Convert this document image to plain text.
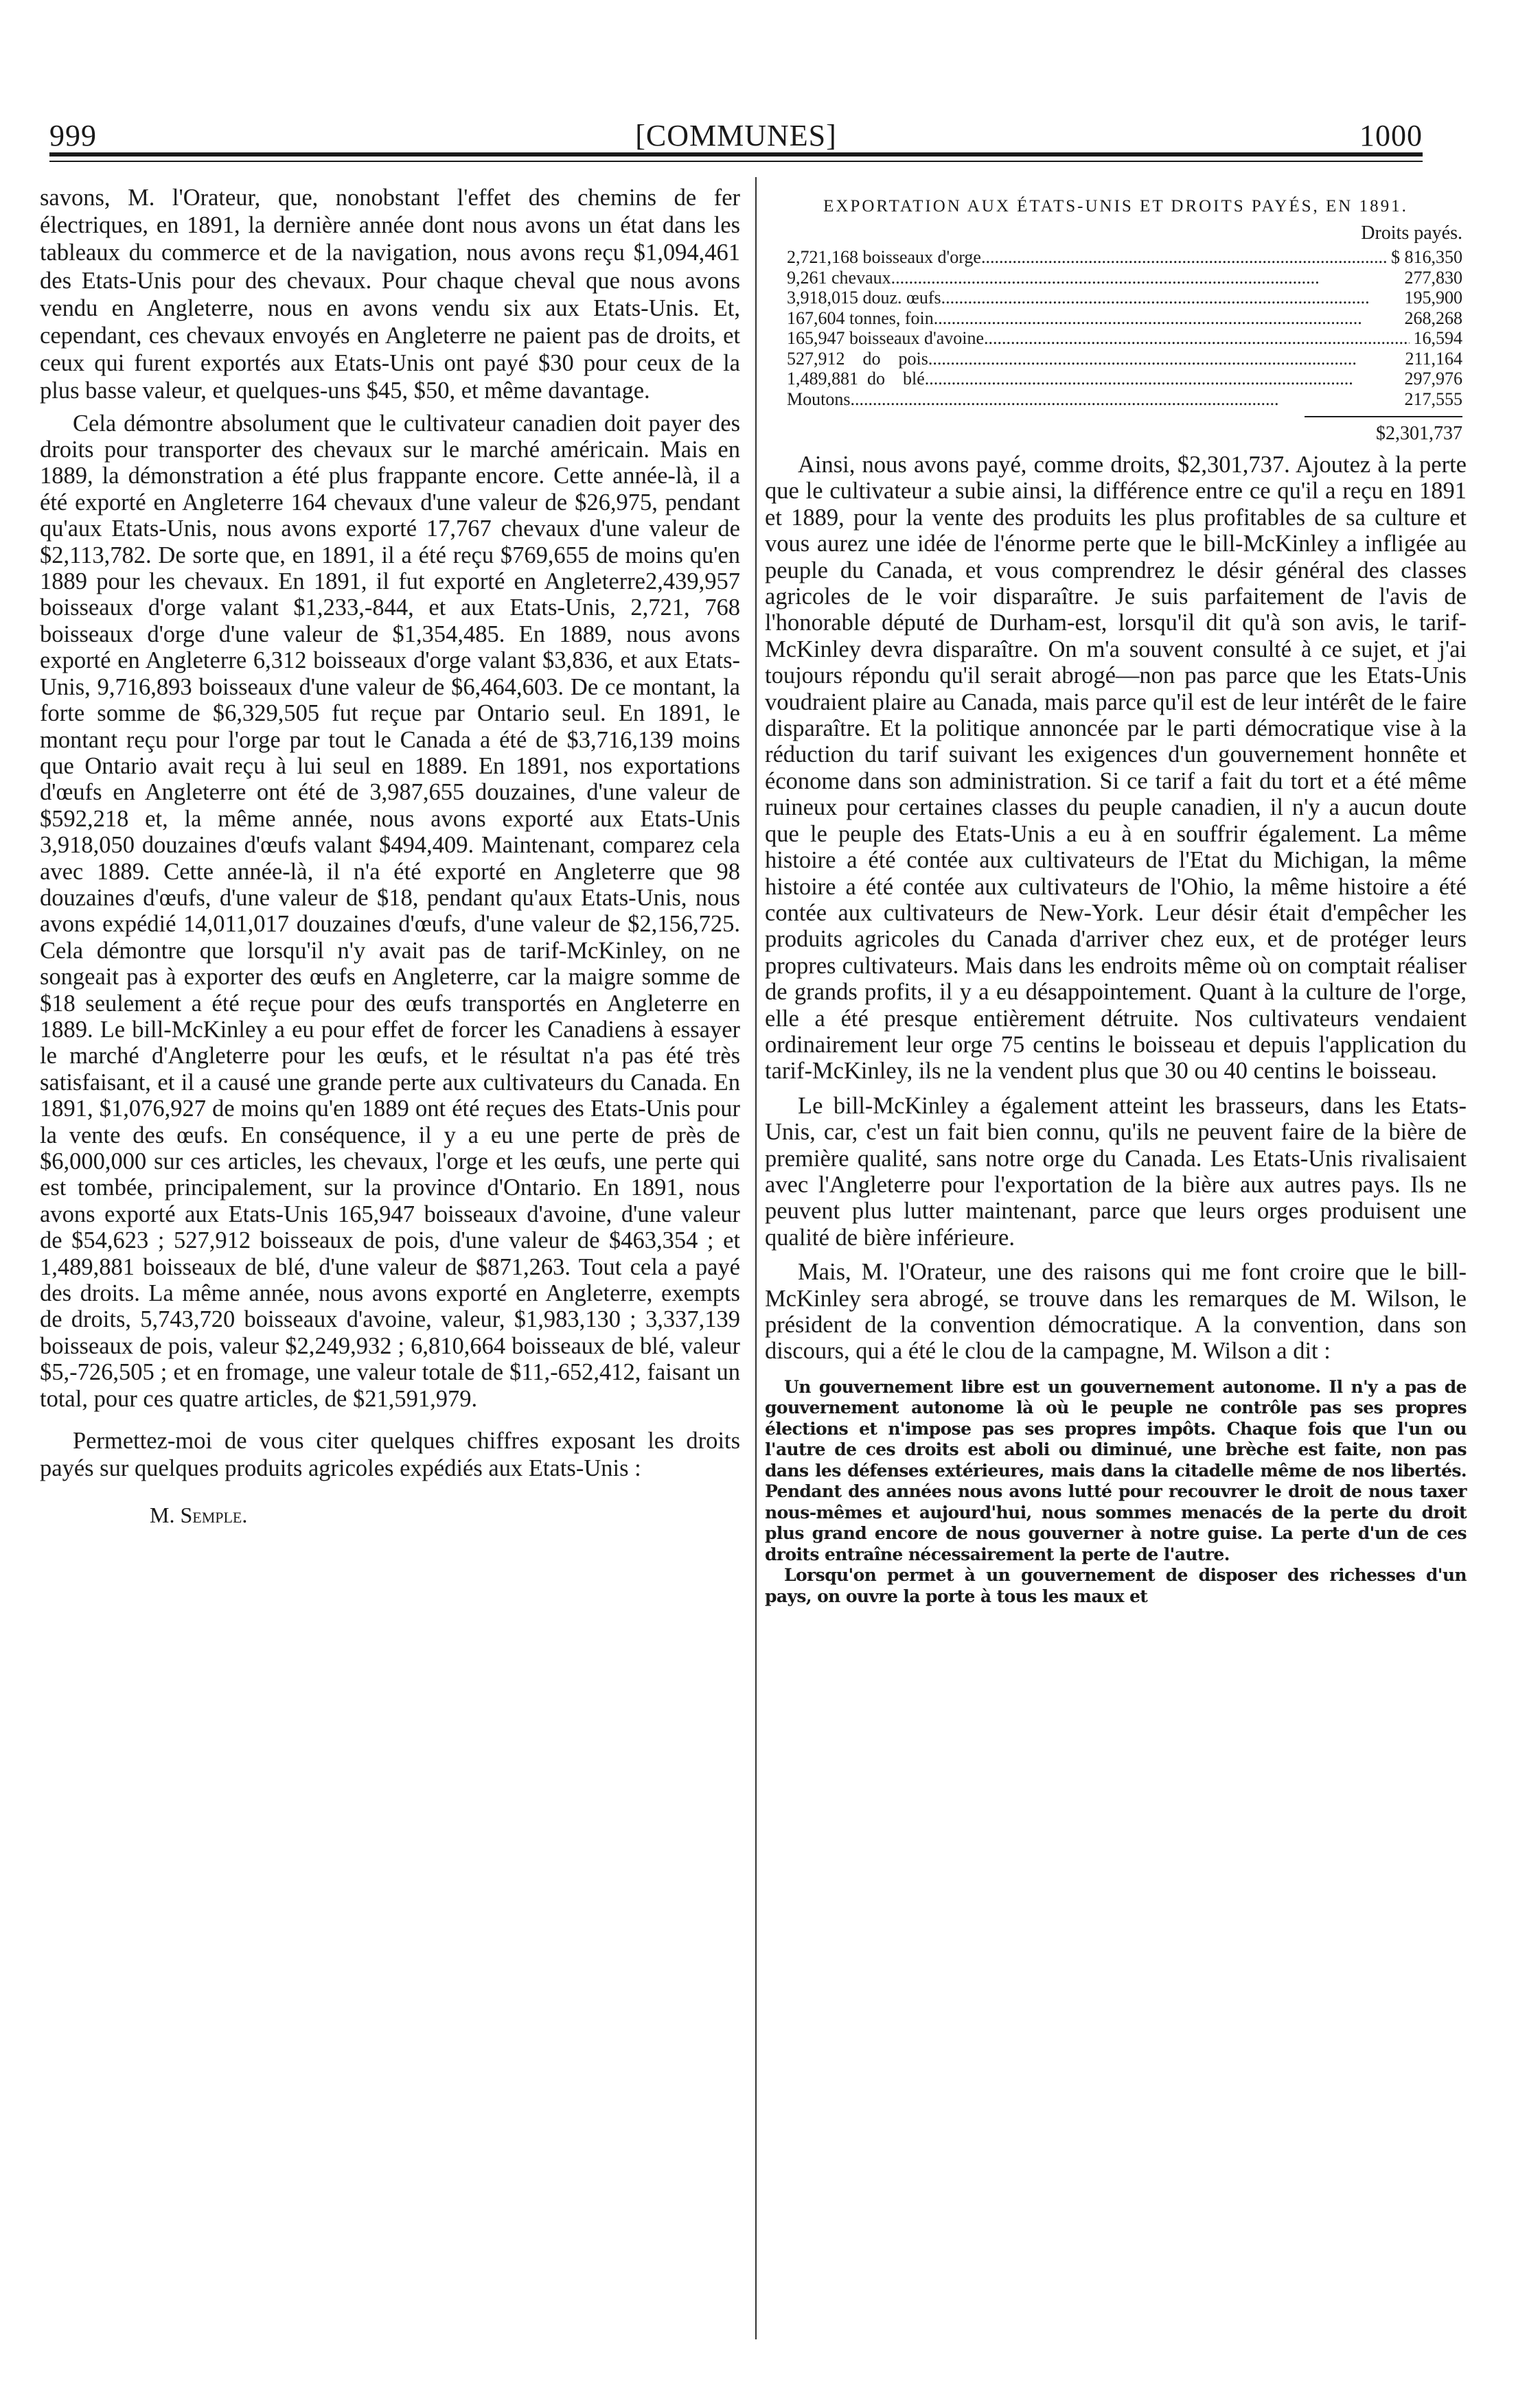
999	[COMMUNES]	1000

savons, M. l'Orateur, que, nonobstant l'effet des chemins de fer électriques, en 1891, la dernière année dont nous avons un état dans les tableaux du commerce et de la navigation, nous avons reçu $1,094,461 des Etats-Unis pour des chevaux. Pour chaque cheval que nous avons vendu en Angleterre, nous en avons vendu six aux Etats-Unis. Et, cependant, ces chevaux envoyés en Angleterre ne paient pas de droits, et ceux qui furent exportés aux Etats-Unis ont payé $30 pour ceux de la plus basse valeur, et quelques-uns $45, $50, et même davantage.

Cela démontre absolument que le cultivateur canadien doit payer des droits pour transporter des chevaux sur le marché américain. Mais en 1889, la démonstration a été plus frappante encore. Cette année-là, il a été exporté en Angleterre 164 chevaux d'une valeur de $26,975, pendant qu'aux Etats-Unis, nous avons exporté 17,767 chevaux d'une valeur de $2,113,782. De sorte que, en 1891, il a été reçu $769,655 de moins qu'en 1889 pour les chevaux. En 1891, il fut exporté en Angleterre2,439,957 boisseaux d'orge valant $1,233,-844, et aux Etats-Unis, 2,721, 768 boisseaux d'orge d'une valeur de $1,354,485. En 1889, nous avons exporté en Angleterre 6,312 boisseaux d'orge valant $3,836, et aux Etats-Unis, 9,716,893 boisseaux d'une valeur de $6,464,603. De ce montant, la forte somme de $6,329,505 fut reçue par Ontario seul. En 1891, le montant reçu pour l'orge par tout le Canada a été de $3,716,139 moins que Ontario avait reçu à lui seul en 1889. En 1891, nos exportations d'œufs en Angleterre ont été de 3,987,655 douzaines, d'une valeur de $592,218 et, la même année, nous avons exporté aux Etats-Unis 3,918,050 douzaines d'œufs valant $494,409. Maintenant, comparez cela avec 1889. Cette année-là, il n'a été exporté en Angleterre que 98 douzaines d'œufs, d'une valeur de $18, pendant qu'aux Etats-Unis, nous avons expédié 14,011,017 douzaines d'œufs, d'une valeur de $2,156,725. Cela démontre que lorsqu'il n'y avait pas de tarif-McKinley, on ne songeait pas à exporter des œufs en Angleterre, car la maigre somme de $18 seulement a été reçue pour des œufs transportés en Angleterre en 1889. Le bill-McKinley a eu pour effet de forcer les Canadiens à essayer le marché d'Angleterre pour les œufs, et le résultat n'a pas été très satisfaisant, et il a causé une grande perte aux cultivateurs du Canada. En 1891, $1,076,927 de moins qu'en 1889 ont été reçues des Etats-Unis pour la vente des œufs. En conséquence, il y a eu une perte de près de $6,000,000 sur ces articles, les chevaux, l'orge et les œufs, une perte qui est tombée, principalement, sur la province d'Ontario. En 1891, nous avons exporté aux Etats-Unis 165,947 boisseaux d'avoine, d'une valeur de $54,623 ; 527,912 boisseaux de pois, d'une valeur de $463,354 ; et 1,489,881 boisseaux de blé, d'une valeur de $871,263. Tout cela a payé des droits. La même année, nous avons exporté en Angleterre, exempts de droits, 5,743,720 boisseaux d'avoine, valeur, $1,983,130 ; 3,337,139 boisseaux de pois, valeur $2,249,932 ; 6,810,664 boisseaux de blé, valeur $5,-726,505 ; et en fromage, une valeur totale de $11,-652,412, faisant un total, pour ces quatre articles, de $21,591,979.

Permettez-moi de vous citer quelques chiffres exposant les droits payés sur quelques produits agricoles expédiés aux Etats-Unis :

M. Semple.

EXPORTATION AUX ÉTATS-UNIS ET DROITS PAYÉS, EN 1891.
Droits payés.
2,721,168 boisseaux d'orge .....	$ 816,350
9,261 chevaux .....	277,830
3,918,015 douz. œufs .....	195,900
167,604 tonnes, foin .....	268,268
165,947 boisseaux d'avoine .....	16,594
527,912    do    pois .....	211,164
1,489,881  do    blé .....	297,976
Moutons .....	217,555
$2,301,737

Ainsi, nous avons payé, comme droits, $2,301,737. Ajoutez à la perte que le cultivateur a subie ainsi, la différence entre ce qu'il a reçu en 1891 et 1889, pour la vente des produits les plus profitables de sa culture et vous aurez une idée de l'énorme perte que le bill-McKinley a infligée au peuple du Canada, et vous comprendrez le désir général des classes agricoles de le voir disparaître. Je suis parfaitement de l'avis de l'honorable député de Durham-est, lorsqu'il dit qu'à son avis, le tarif-McKinley devra disparaître. On m'a souvent consulté à ce sujet, et j'ai toujours répondu qu'il serait abrogé—non pas parce que les Etats-Unis voudraient plaire au Canada, mais parce qu'il est de leur intérêt de le faire disparaître. Et la politique annoncée par le parti démocratique vise à la réduction du tarif suivant les exigences d'un gouvernement honnête et économe dans son administration. Si ce tarif a fait du tort et a été même ruineux pour certaines classes du peuple canadien, il n'y a aucun doute que le peuple des Etats-Unis a eu à en souffrir également. La même histoire a été contée aux cultivateurs de l'Etat du Michigan, la même histoire a été contée aux cultivateurs de l'Ohio, la même histoire a été contée aux cultivateurs de New-York. Leur désir était d'empêcher les produits agricoles du Canada d'arriver chez eux, et de protéger leurs propres cultivateurs. Mais dans les endroits même où on comptait réaliser de grands profits, il y a eu désappointement. Quant à la culture de l'orge, elle a été presque entièrement détruite. Nos cultivateurs vendaient ordinairement leur orge 75 centins le boisseau et depuis l'application du tarif-McKinley, ils ne la vendent plus que 30 ou 40 centins le boisseau.

Le bill-McKinley a également atteint les brasseurs, dans les Etats-Unis, car, c'est un fait bien connu, qu'ils ne peuvent faire de la bière de première qualité, sans notre orge du Canada. Les Etats-Unis rivalisaient avec l'Angleterre pour l'exportation de la bière aux autres pays. Ils ne peuvent plus lutter maintenant, parce que leurs orges produisent une qualité de bière inférieure.

Mais, M. l'Orateur, une des raisons qui me font croire que le bill-McKinley sera abrogé, se trouve dans les remarques de M. Wilson, le président de la convention démocratique. A la convention, dans son discours, qui a été le clou de la campagne, M. Wilson a dit :

Un gouvernement libre est un gouvernement autonome. Il n'y a pas de gouvernement autonome là où le peuple ne contrôle pas ses propres élections et n'impose pas ses propres impôts. Chaque fois que l'un ou l'autre de ces droits est aboli ou diminué, une brèche est faite, non pas dans les défenses extérieures, mais dans la citadelle même de nos libertés. Pendant des années nous avons lutté pour recouvrer le droit de nous taxer nous-mêmes et aujourd'hui, nous sommes menacés de la perte du droit plus grand encore de nous gouverner à notre guise. La perte d'un de ces droits entraîne nécessairement la perte de l'autre.

Lorsqu'on permet à un gouvernement de disposer des richesses d'un pays, on ouvre la porte à tous les maux et
